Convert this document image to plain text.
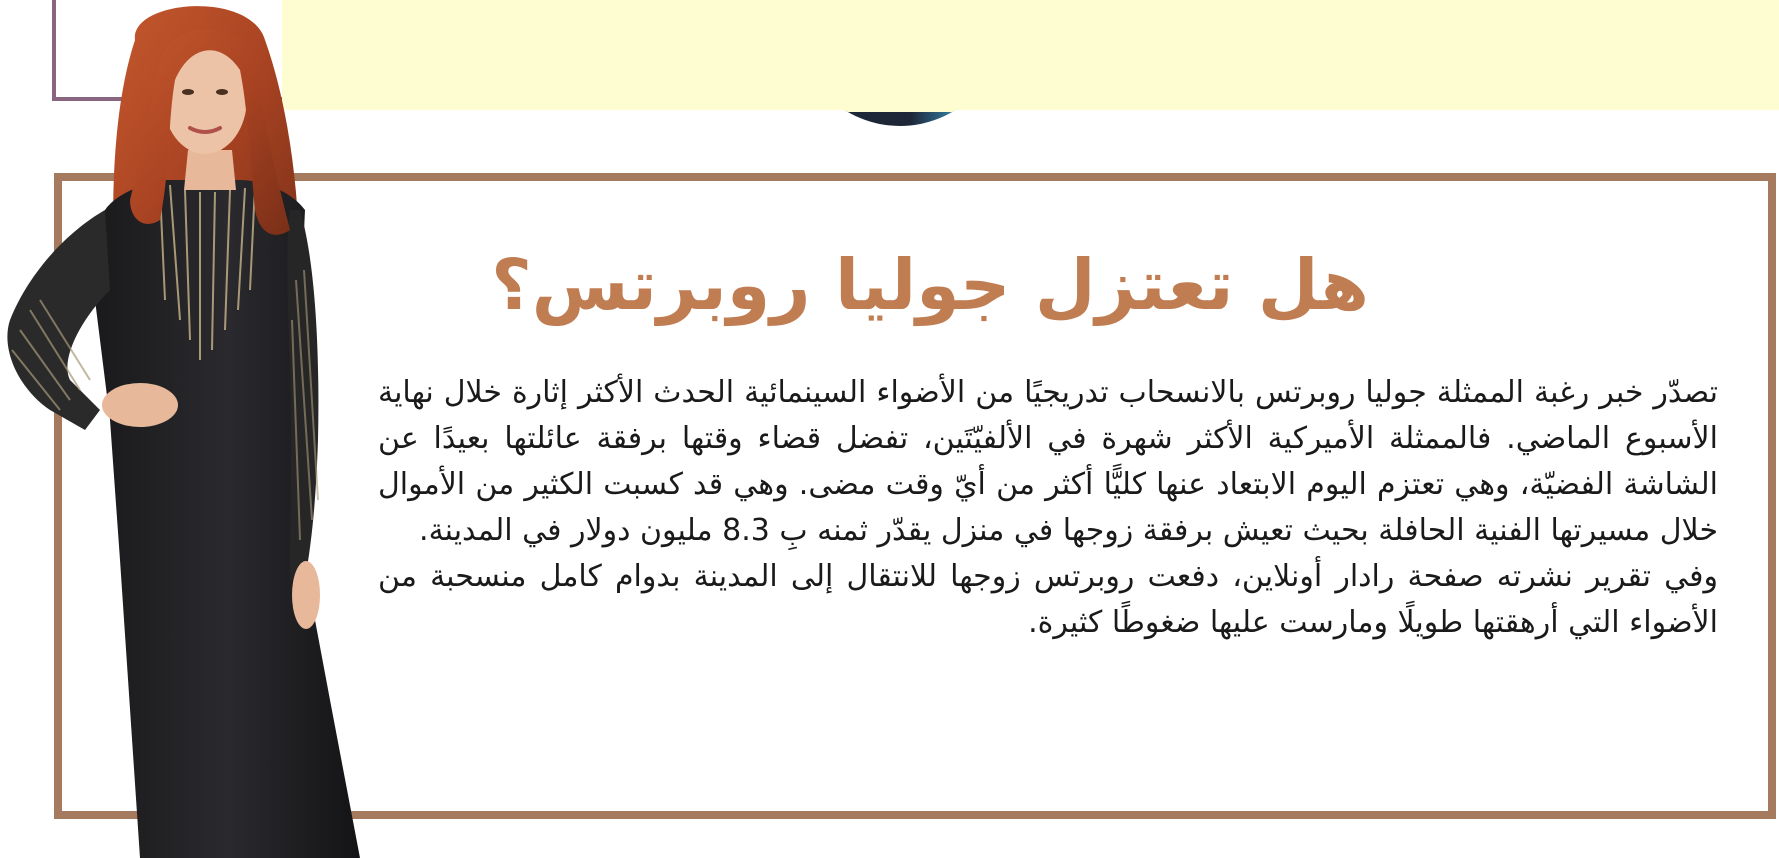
هل تعتزل جوليا روبرتس؟
تصدّر خبر رغبة الممثلة جوليا روبرتس بالانسحاب تدريجيًا من الأضواء السينمائية الحدث الأكثر إثارة خلال نهاية الأسبوع الماضي. فالممثلة الأميركية الأكثر شهرة في الألفيّتَين، تفضل قضاء وقتها برفقة عائلتها بعيدًا عن الشاشة الفضيّة، وهي تعتزم اليوم الابتعاد عنها كليًّا أكثر من أيّ وقت مضى. وهي قد كسبت الكثير من الأموال خلال مسيرتها الفنية الحافلة بحيث تعيش برفقة زوجها في منزل يقدّر ثمنه بِ 8.3 مليون دولار في المدينة.
وفي تقرير نشرته صفحة رادار أونلاين، دفعت روبرتس زوجها للانتقال إلى المدينة بدوام كامل منسحبة من الأضواء التي أرهقتها طويلًا ومارست عليها ضغوطًا كثيرة.
